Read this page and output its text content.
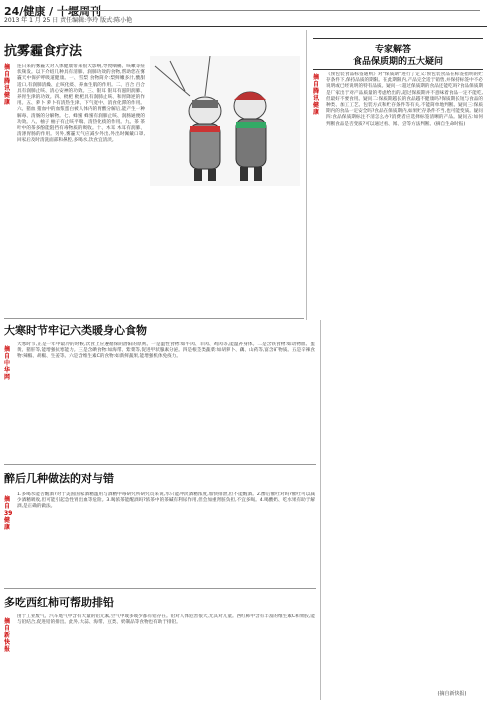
24/健康 / 十堰周刊
2013 年 1 月 25 日 责任编辑:李玲 版式:陈小艳
抗雾霾食疗法
摘自腾讯健康
连日来的雾霾天对人体健康带来很大影响,导致咽痛、咳嗽等症状频发。以下介绍几种具有清肺、润肺功效的食物,帮助您在雾霾天中保护呼吸道健康。一、雪梨 食物简介:梨鲜嫩多汁,酸甜适口,有润肺清燥、止咳化痰、养血生肌的作用。二、百合 百合具有润肺止咳、清心安神的功效。三、银耳 银耳有滋阴润肺、养胃生津的功效。四、枇杷 枇杷具有润肺止咳、和胃降逆的作用。五、萝卜 萝卜有清热生津、下气宽中、消食化滞的作用。六、猪血 猪血中的血浆蛋白被人体内的胃酸分解后,能产生一种解毒、清肠的分解物。七、蜂蜜 蜂蜜有润肺止咳、润肠通便的功效。八、柚子 柚子有止咳平喘、清热化痰的作用。九、茶 茶叶中的茶多酚能阻挡有毒物质的吸收。十、木耳 木耳有润肺、清涤胃肠的作用。另外,雾霾天气应减少外出,外出时佩戴口罩,回家后及时清洗面部和鼻腔,多喝水,饮食宜清淡。
专家解答
食品保质期的五大疑问
摘自腾讯健康
《预包装食品标签通则》对"保质期"进行了定义:预包装食品在标签指明的贮存条件下,保持品质的期限。在此期限内,产品完全适于销售,并保持标签中不必说明或已经说明的特有品质。疑问一:超过保质期的食品还能吃吗?食品保质期是厂家出于对产品质量的考虑给出的,超过保质期并不意味着食品一定不能吃,但最好不要食用。疑问二:保质期越长的食品越不健康吗?保质期长短与食品的种类、加工工艺、包装方式和贮存条件等有关,不能简单地判断。疑问三:保质期内的食品一定安全吗?食品在保质期内,如果贮存条件不当,也可能变质。疑问四:食品保质期标注不清怎么办?消费者应选择标签清晰的产品。疑问五:如何判断食品是否变质?可以通过看、闻、尝等方法判断。(摘自生命时报)
大寒时节牢记六类暖身心食物
摘自中华网
大寒时节,正是一年中最冷的时候,饮食上应遵循保阴潜阳的原则。一是温性食物:如牛肉、羊肉、鸡肉等,能温补身体。二是含铁食物:如动物血、蛋黄、猪肝等,能增强抗寒能力。三是含碘食物:如海带、紫菜等,促进甲状腺素分泌。四是根茎类蔬菜:如胡萝卜、藕、山药等,富含矿物质。五是辛辣食物:辣椒、胡椒、生姜等。六是含维生素C的食物:如新鲜蔬果,能增强机体免疫力。
醉后几种做法的对与错
摘自39健康
1.多喝水能否醒酒?对于美国国家酒精滥用与酒精中毒研究所研究员来说,水只能冲淡酒精浓度,加快排泄,但不能醒酒。2.醉后催吐对吗?催吐可以减少酒精吸收,但可能引起急性胃出血等危险。3.喝浓茶能醒酒吗?浓茶中的茶碱有利尿作用,但会加重肾脏负担,不宜多喝。4.喝酸奶、吃水果有助于解酒,是正确的做法。
多吃西红柿可帮助排铅
摘自新快报
由于工业废气、汽车尾气中含有大量的铅元素,空气中或多或少都有铅存在。铅对人体危害很大,尤其对儿童。西红柿中含有丰富的维生素C和果胶,能与铅结合,促进铅的排出。此外,大蒜、海带、豆类、奶制品等食物也有助于排铅。
(摘自新快报)
